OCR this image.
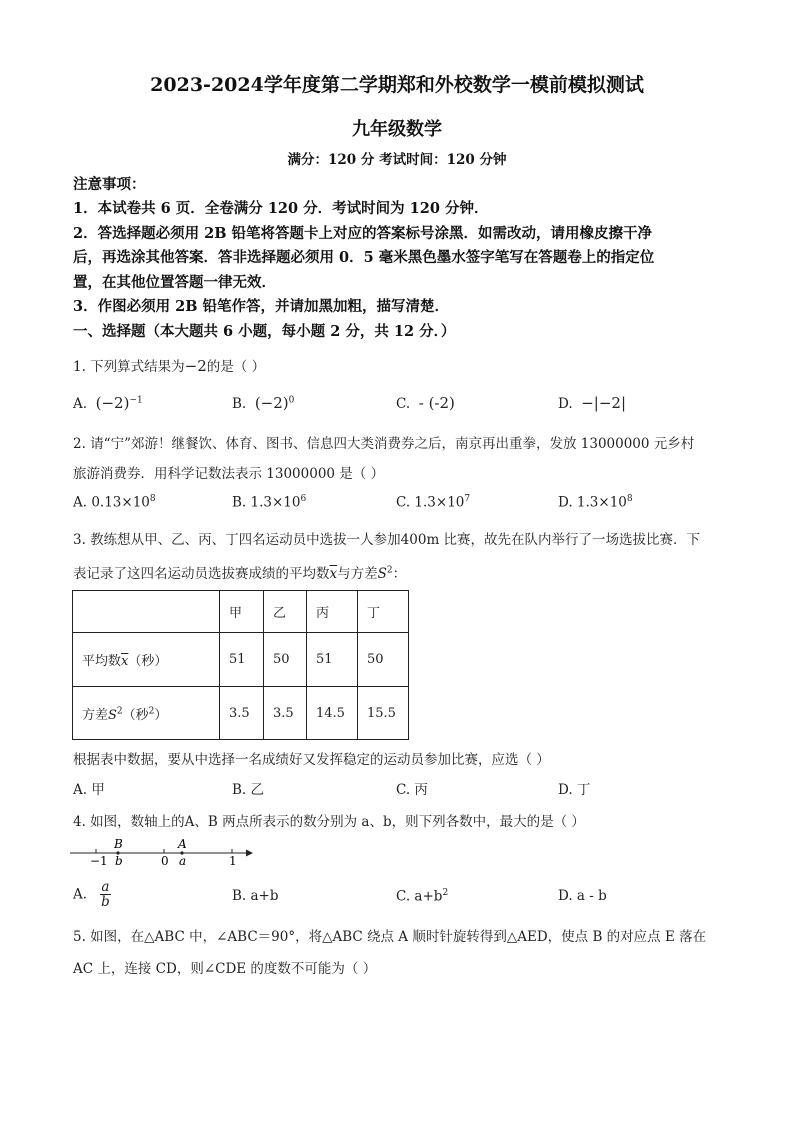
2023-2024学年度第二学期郑和外校数学一模前模拟测试
九年级数学
满分：120 分 考试时间：120 分钟
注意事项：
1．本试卷共 6 页．全卷满分 120 分．考试时间为 120 分钟．
2．答选择题必须用 2B 铅笔将答题卡上对应的答案标号涂黑．如需改动，请用橡皮擦干净
后，再选涂其他答案．答非选择题必须用 0．5 毫米黑色墨水签字笔写在答题卷上的指定位
置，在其他位置答题一律无效．
3．作图必须用 2B 铅笔作答，并请加黑加粗，描写清楚．
一、选择题（本大题共 6 小题，每小题 2 分，共 12 分．）
1. 下列算式结果为−2的是（ ）
A. $(-2)^{-1}$	B. $(-2)^0$	C. - (-2)	D. −|−2|
2. 请“宁”郊游！继餐饮、体育、图书、信息四大类消费券之后，南京再出重拳，发放 13000000 元乡村
旅游消费券．用科学记数法表示 13000000 是（ ）
A. $0.13\times 10^8$	B. $1.3\times 10^6$	C. $1.3\times 10^7$	D. $1.3\times 10^8$
3. 教练想从甲、乙、丙、丁四名运动员中选拔一人参加400m 比赛，故先在队内举行了一场选拔比赛．下
表记录了这四名运动员选拔赛成绩的平均数$\overline{x}$与方差$S^2$：
	甲	乙	丙	丁
平均数$\overline{x}$（秒）	51	50	51	50
方差$S^2$（秒$^2$）	3.5	3.5	14.5	15.5
根据表中数据，要从中选择一名成绩好又发挥稳定的运动员参加比赛，应选（ ）
A. 甲	B. 乙	C. 丙	D. 丁
4. 如图，数轴上的A、B 两点所表示的数分别为 a、b，则下列各数中，最大的是（ ）
−1
B
b	0
A
a	1
A. $\frac{a}{b}$	B. a+b	C. $a+b^2$	D. a - b
5. 如图，在△ABC 中，∠ABC＝90°，将△ABC 绕点 A 顺时针旋转得到△AED，使点 B 的对应点 E 落在
AC 上，连接 CD，则∠CDE 的度数不可能为（ ）
